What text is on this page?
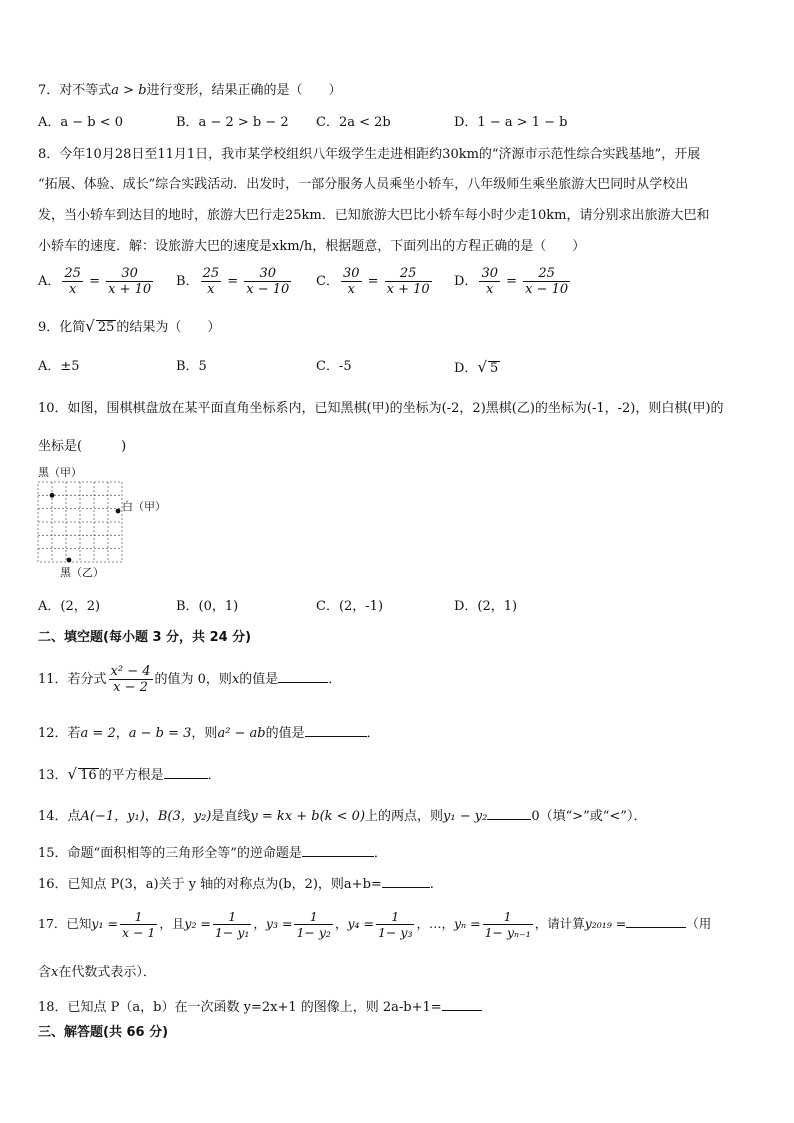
7．对不等式a > b进行变形，结果正确的是（　　）
A．a − b < 0	B．a − 2 > b − 2 C．2a < 2b	D．1 − a > 1 − b
8．今年10月28日至11月1日，我市某学校组织八年级学生走进相距约30km的“济源市示范性综合实践基地”，开展
“拓展、体验、成长”综合实践活动．出发时，一部分服务人员乘坐小轿车，八年级师生乘坐旅游大巴同时从学校出
发，当小轿车到达目的地时，旅游大巴行走25km．已知旅游大巴比小轿车每小时少走10km，请分别求出旅游大巴和
小轿车的速度．解：设旅游大巴的速度是xkm/h，根据题意，下面列出的方程正确的是（　　）
A． $\frac{25}{x} = \frac{30}{x + 10}$ B． $\frac{25}{x} = \frac{30}{x - 10}$ C． $\frac{30}{x} = \frac{25}{x + 10}$ D． $\frac{30}{x} = \frac{25}{x - 10}$
9．化简√ 25 的结果为（　　）
A．±5	B．5	C．-5	D．√ 5
10．如图，围棋棋盘放在某平面直角坐标系内，已知黑棋(甲)的坐标为(-2，2)黑棋(乙)的坐标为(-1，-2)，则白棋(甲)的
坐标是(　　　)
黑（甲）
白（甲）
黑（乙）
A．(2，2)	B．(0，1)	C．(2，-1)	D．(2，1)
二、填空题(每小题 3 分，共 24 分)
11．若分式 $\frac{\text{x² − 4}}{x - 2}$ 的值为 0，则x的值是	．
12．若a = 2，a − b = 3，则a² − ab的值是	．
13．√ 16 的平方根是	．
14．点A(−1，y₁)，B(3，y₂)是直线y = kx + b(k < 0)上的两点，则y₁ − y₂	0（填“>”或“<”）．
15．命题“面积相等的三角形全等”的逆命题是	．
16．已知点 P(3，a)关于 y 轴的对称点为(b，2)，则a+b=	.
17．已知$y_1 = \frac{1}{x - 1}$ ，且$y_2 = \frac{1}{\text{1− y₁}}$ ，$y_3 = \frac{1}{\text{1− y₂}}$ ，$y_4 = \frac{1}{\text{1− y₃}}$ ，…，$y_n = \frac{1}{\text{1− yₙ₋₁}}$ ，请计算y₂₀₁₉ =	（用
含x在代数式表示）．
18．已知点 P（a，b）在一次函数 y=2x+1 的图像上，则 2a-b+1=
三、解答题(共 66 分)
